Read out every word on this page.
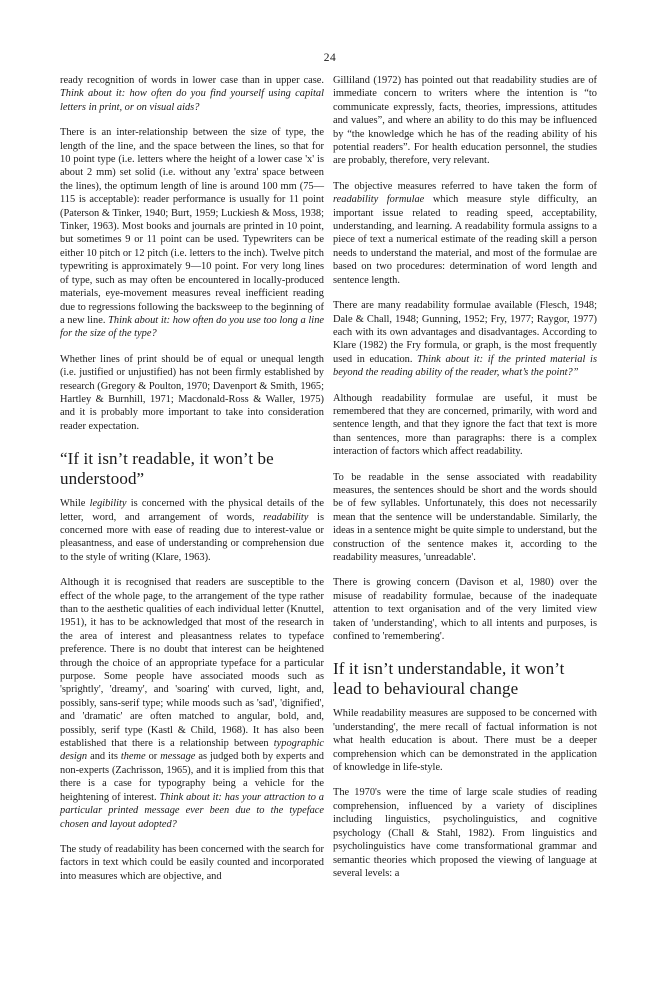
24

ready recognition of words in lower case than in upper case. Think about it: how often do you find yourself using capital letters in print, or on visual aids?

There is an inter-relationship between the size of type, the length of the line, and the space between the lines, so that for 10 point type (i.e. letters where the height of a lower case 'x' is about 2 mm) set solid (i.e. without any 'extra' space between the lines), the optimum length of line is around 100 mm (75—115 is acceptable): reader performance is usually for 11 point (Paterson & Tinker, 1940; Burt, 1959; Luckiesh & Moss, 1938; Tinker, 1963). Most books and journals are printed in 10 point, but sometimes 9 or 11 point can be used. Typewriters can be either 10 pitch or 12 pitch (i.e. letters to the inch). Twelve pitch typewriting is approximately 9—10 point. For very long lines of type, such as may often be encountered in locally-produced materials, eye-movement measures reveal inefficient reading due to regressions following the backsweep to the beginning of a new line. Think about it: how often do you use too long a line for the size of the type?

Whether lines of print should be of equal or unequal length (i.e. justified or unjustified) has not been firmly established by research (Gregory & Poulton, 1970; Davenport & Smith, 1965; Hartley & Burnhill, 1971; Macdonald-Ross & Waller, 1975) and it is probably more important to take into consideration reader expectation.

“If it isn’t readable, it won’t be understood”

While legibility is concerned with the physical details of the letter, word, and arrangement of words, readability is concerned more with ease of reading due to interest-value or pleasantness, and ease of understanding or comprehension due to the style of writing (Klare, 1963).

Although it is recognised that readers are susceptible to the effect of the whole page, to the arrangement of the type rather than to the aesthetic qualities of each individual letter (Knuttel, 1951), it has to be acknowledged that most of the research in the area of interest and pleasantness relates to typeface preference. There is no doubt that interest can be heightened through the choice of an appropriate typeface for a particular purpose. Some people have associated moods such as 'sprightly', 'dreamy', and 'soaring' with curved, light, and, possibly, sans-serif type; while moods such as 'sad', 'dignified', and 'dramatic' are often matched to angular, bold, and, possibly, serif type (Kastl & Child, 1968). It has also been established that there is a relationship between typographic design and its theme or message as judged both by experts and non-experts (Zachrisson, 1965), and it is implied from this that there is a case for typography being a vehicle for the heightening of interest. Think about it: has your attraction to a particular printed message ever been due to the typeface chosen and layout adopted?

The study of readability has been concerned with the search for factors in text which could be easily counted and incorporated into measures which are objective, and

Gilliland (1972) has pointed out that readability studies are of immediate concern to writers where the intention is “to communicate expressly, facts, theories, impressions, attitudes and values”, and where an ability to do this may be influenced by “the knowledge which he has of the reading ability of his potential readers”. For health education personnel, the studies are probably, therefore, very relevant.

The objective measures referred to have taken the form of readability formulae which measure style difficulty, an important issue related to reading speed, acceptability, understanding, and learning. A readability formula assigns to a piece of text a numerical estimate of the reading skill a person needs to understand the material, and most of the formulae are based on two procedures: determination of word length and sentence length.

There are many readability formulae available (Flesch, 1948; Dale & Chall, 1948; Gunning, 1952; Fry, 1977; Raygor, 1977) each with its own advantages and disadvantages. According to Klare (1982) the Fry formula, or graph, is the most frequently used in education. Think about it: if the printed material is beyond the reading ability of the reader, what’s the point?”

Although readability formulae are useful, it must be remembered that they are concerned, primarily, with word and sentence length, and that they ignore the fact that text is more than sentences, more than paragraphs: there is a complex interaction of factors which affect readability.

To be readable in the sense associated with readability measures, the sentences should be short and the words should be of few syllables. Unfortunately, this does not necessarily mean that the sentence will be understandable. Similarly, the ideas in a sentence might be quite simple to understand, but the construction of the sentence makes it, according to the readability measures, 'unreadable'.

There is growing concern (Davison et al, 1980) over the misuse of readability formulae, because of the inadequate attention to text organisation and of the very limited view taken of 'understanding', which to all intents and purposes, is confined to 'remembering'.

If it isn’t understandable, it won’t lead to behavioural change

While readability measures are supposed to be concerned with 'understanding', the mere recall of factual information is not what health education is about. There must be a deeper comprehension which can be demonstrated in the application of knowledge in life-style.

The 1970's were the time of large scale studies of reading comprehension, influenced by a variety of disciplines including linguistics, psycholinguistics, and cognitive psychology (Chall & Stahl, 1982). From linguistics and psycholinguistics have come transformational grammar and semantic theories which proposed the viewing of language at several levels: a
